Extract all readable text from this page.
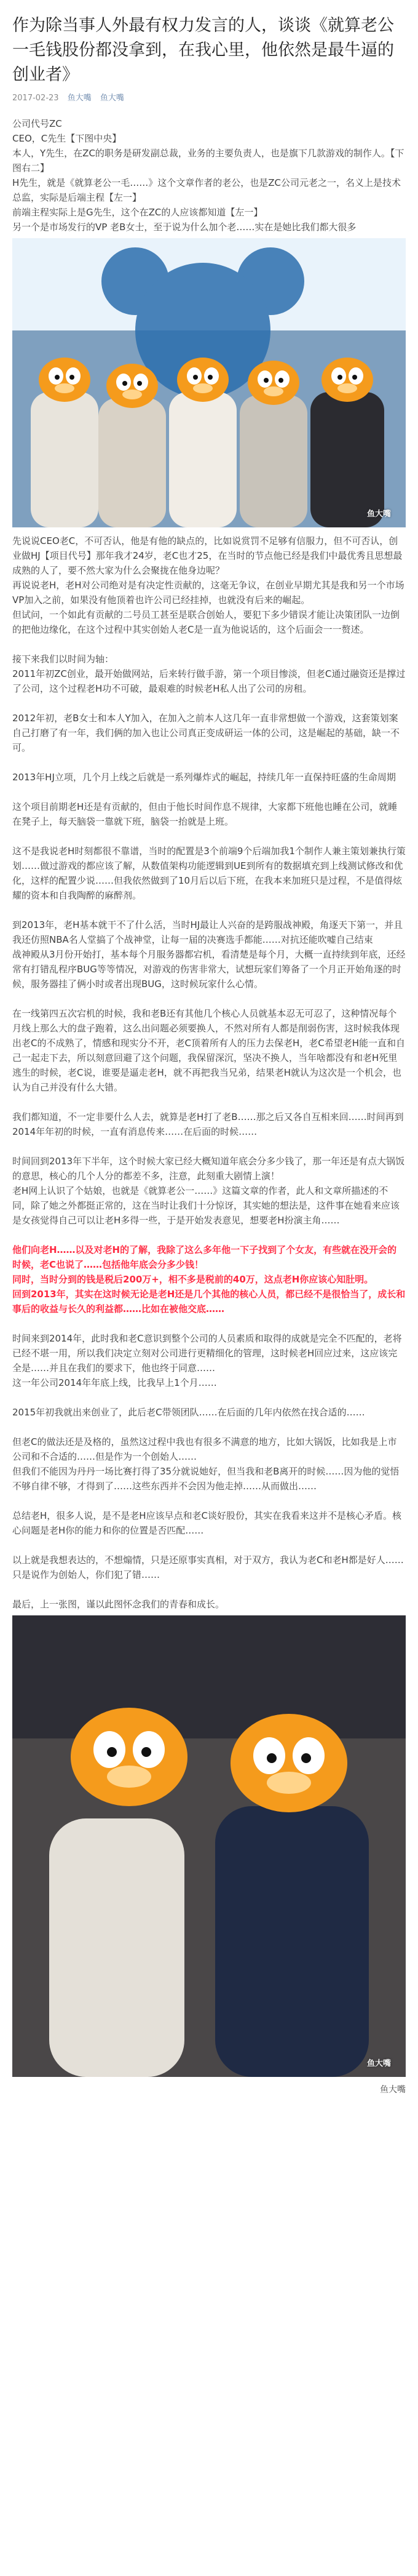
作为除当事人外最有权力发言的人，谈谈《就算老公一毛钱股份都没拿到，在我心里，他依然是最牛逼的创业者》
2017-02-23 鱼大嘴 鱼大嘴

公司代号ZC
CEO，C先生【下图中央】
本人，Y先生，在ZC的职务是研发副总裁，业务的主要负责人，也是旗下几款游戏的制作人。【下图右二】
H先生，就是《就算老公一毛……》这个文章作者的老公，也是ZC公司元老之一，名义上是技术总监，实际是后端主程【左一】
前端主程实际上是G先生，这个在ZC的人应该都知道【左一】
另一个是市场发行的VP 老B女士，至于说为什么加个老……实在是她比我们都大很多

鱼大嘴

先说说CEO老C，不可否认，他是有他的缺点的，比如说赏罚不足够有信服力，但不可否认，创业做HJ【项目代号】那年我才24岁，老C也才25，在当时的节点他已经是我们中最优秀且思想最成熟的人了，要不然大家为什么会聚拢在他身边呢？
再说说老H，老H对公司绝对是有决定性贡献的，这毫无争议，在创业早期尤其是我和另一个市场VP加入之前，如果没有他顶着也许公司已经挂掉，也就没有后来的崛起。
但试问，一个如此有贡献的二号员工甚至是联合创始人，要犯下多少错误才能让决策团队一边倒的把他边缘化，在这个过程中其实创始人老C是一直为他说话的，这个后面会一一赘述。

接下来我们以时间为轴：
2011年初ZC创业，最开始做网站，后来转行做手游，第一个项目惨淡，但老C通过融资还是撑过了公司，这个过程老H功不可破，最艰难的时候老H私人出了公司的房租。

2012年初，老B女士和本人Y加入，在加入之前本人这几年一直非常想做一个游戏，这套策划案自己打磨了有一年，我们俩的加入也让公司真正变成研运一体的公司，这是崛起的基础，缺一不可。

2013年HJ立项，几个月上线之后就是一系列爆炸式的崛起，持续几年一直保持旺盛的生命周期

这个项目前期老H还是有贡献的，但由于他长时间作息不规律，大家都下班他也睡在公司，就睡在凳子上，每天脑袋一靠就下班，脑袋一抬就是上班。

这不是我说老H时刻都很不靠谱，当时的配置是3个前端9个后端加我1个制作人兼主策划兼执行策划……做过游戏的都应该了解，从数值架构功能逻辑到UE到所有的数据填充到上线测试修改和优化，这样的配置少说……但我依然做到了10月后以后下班，在我本来加班只是过程，不是值得炫耀的资本和自我陶醉的麻醉剂。

到2013年，老H基本就干不了什么活，当时HJ最让人兴奋的是跨服战神殿，角逐天下第一，并且我还仿照NBA名人堂搞了个战神堂，让每一届的决赛选手都能……对抗还能吹嘘自己结束
战神殿从3月份开始打，基本每个月服务器都宕机，看清楚是每个月，大概一直持续到年底，还经常有打错乱程序BUG等等情况，对游戏的伤害非常大，试想玩家们筹备了一个月正开始角逐的时候，服务器挂了俩小时或者出现BUG，这时候玩家什么心情。

在一线第四五次宕机的时候，我和老B还有其他几个核心人员就基本忍无可忍了，这种情况每个月线上那么大的盘子跑着，这么出问题必须要换人，不然对所有人都是削弱伤害，这时候我体现出老C的不成熟了，情感和现实分不开，老C顶着所有人的压力去保老H，老C希望老H能一直和自己一起走下去，所以刻意回避了这个问题，我保留深沉，坚决不换人，当年啥都没有和老H死里逃生的时候，老C说，谁要是逼走老H，就不再把我当兄弟，结果老H就认为这次是一个机会，也认为自己并没有什么大错。

我们都知道，不一定非要什么人去，就算是老H打了老B……那之后又各自互相来回……时间再到2014年年初的时候，一直有消息传来……在后面的时候……

时间回到2013年下半年，这个时候大家已经大概知道年底会分多少钱了，那一年还是有点大锅饭的意思，核心的几个人分的都差不多，注意，此刻重大剧情上演！
老H网上认识了个姑娘，也就是《就算老公一……》这篇文章的作者，此人和文章所描述的不同，除了她之外都挺正常的，这在当时让我们十分惊讶，其实她的想法是，这件事在她看来应该是女孩觉得自己可以让老H多得一些，于是开始发表意见，想要老H扮演主角……

他们向老H……以及对老H的了解，我除了这么多年他一下子找到了个女友，有些就在没开会的时候，老C也说了……包括他年底会分多少钱！
同时，当时分到的钱是税后200万+，相不多是税前的40万，这点老H你应该心知肚明。
回到2013年，其实在这时候无论是老H还是几个其他的核心人员，都已经不是很恰当了，成长和事后的收益与长久的利益都……比如在被他交底……

时间来到2014年，此时我和老C意识到整个公司的人员素质和取得的成就是完全不匹配的，老将已经不堪一用，所以我们决定立刻对公司进行更精细化的管理，这时候老H回应过来，这应该完全是……并且在我们的要求下，他也终于同意……
这一年公司2014年年底上线，比我早上1个月……

2015年初我就出来创业了，此后老C带领团队……在后面的几年内依然在找合适的……

但老C的做法还是及格的，虽然这过程中我也有很多不满意的地方，比如大锅饭，比如我是上市公司和不合适的……但是作为一个创始人……
但我们不能因为丹丹一场比赛打得了35分就说她好，但当我和老B离开的时候……因为他的觉悟不够自律不够，才得到了……这些东西并不会因为他走掉……从而做出……

总结老H，很多人说，是不是老H应该早点和老C谈好股份，其实在我看来这并不是核心矛盾。核心问题是老H你的能力和你的位置是否匹配……

以上就是我想表达的，不想煽情，只是还原事实真相，对于双方，我认为老C和老H都是好人……只是说作为创始人，你们犯了错……

最后，上一张图，谨以此图怀念我们的青春和成长。

鱼大嘴
鱼大嘴
